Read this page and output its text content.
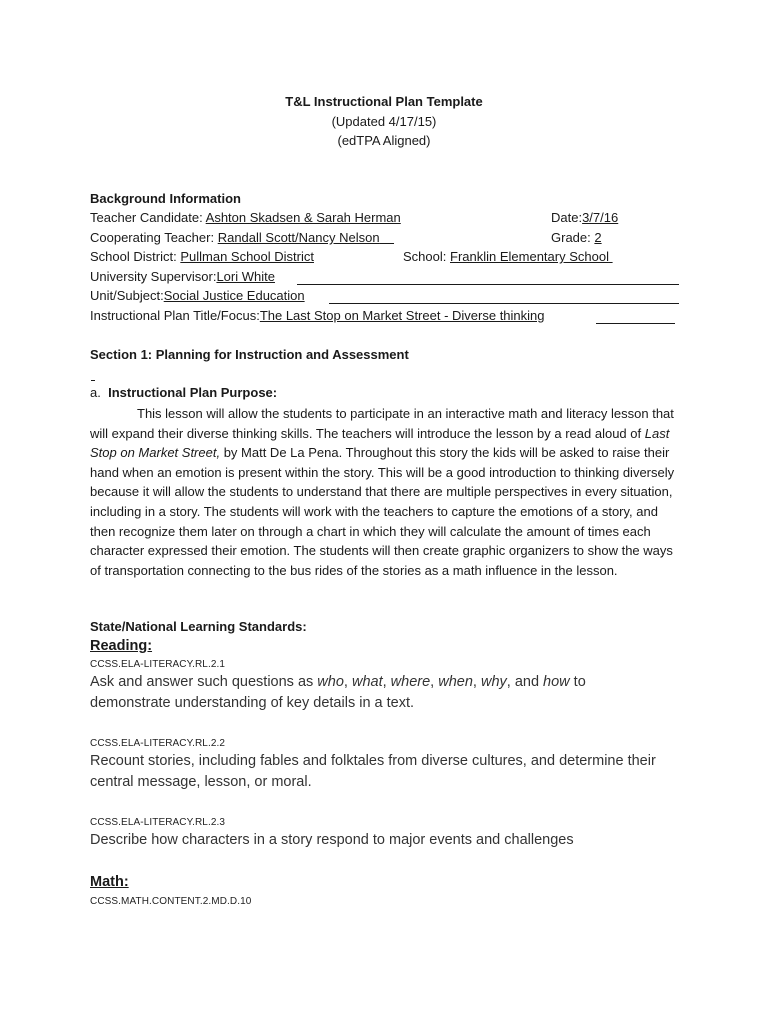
T&L Instructional Plan Template
(Updated 4/17/15)
(edTPA Aligned)
Background Information
Teacher Candidate: Ashton Skadsen & Sarah Herman	Date:3/7/16
Cooperating Teacher: Randall Scott/Nancy Nelson	Grade: 2
School District: Pullman School District	School: Franklin Elementary School
University Supervisor:Lori White
Unit/Subject:Social Justice Education
Instructional Plan Title/Focus:The Last Stop on Market Street - Diverse thinking
Section 1: Planning for Instruction and Assessment
a. Instructional Plan Purpose:
This lesson will allow the students to participate in an interactive math and literacy lesson that will expand their diverse thinking skills. The teachers will introduce the lesson by a read aloud of Last Stop on Market Street, by Matt De La Pena. Throughout this story the kids will be asked to raise their hand when an emotion is present within the story. This will be a good introduction to thinking diversely because it will allow the students to understand that there are multiple perspectives in every situation, including in a story. The students will work with the teachers to capture the emotions of a story, and then recognize them later on through a chart in which they will calculate the amount of times each character expressed their emotion. The students will then create graphic organizers to show the ways of transportation connecting to the bus rides of the stories as a math influence in the lesson.
State/National Learning Standards:
Reading:
CCSS.ELA-LITERACY.RL.2.1
Ask and answer such questions as who, what, where, when, why, and how to demonstrate understanding of key details in a text.
CCSS.ELA-LITERACY.RL.2.2
Recount stories, including fables and folktales from diverse cultures, and determine their central message, lesson, or moral.
CCSS.ELA-LITERACY.RL.2.3
Describe how characters in a story respond to major events and challenges
Math:
CCSS.MATH.CONTENT.2.MD.D.10
